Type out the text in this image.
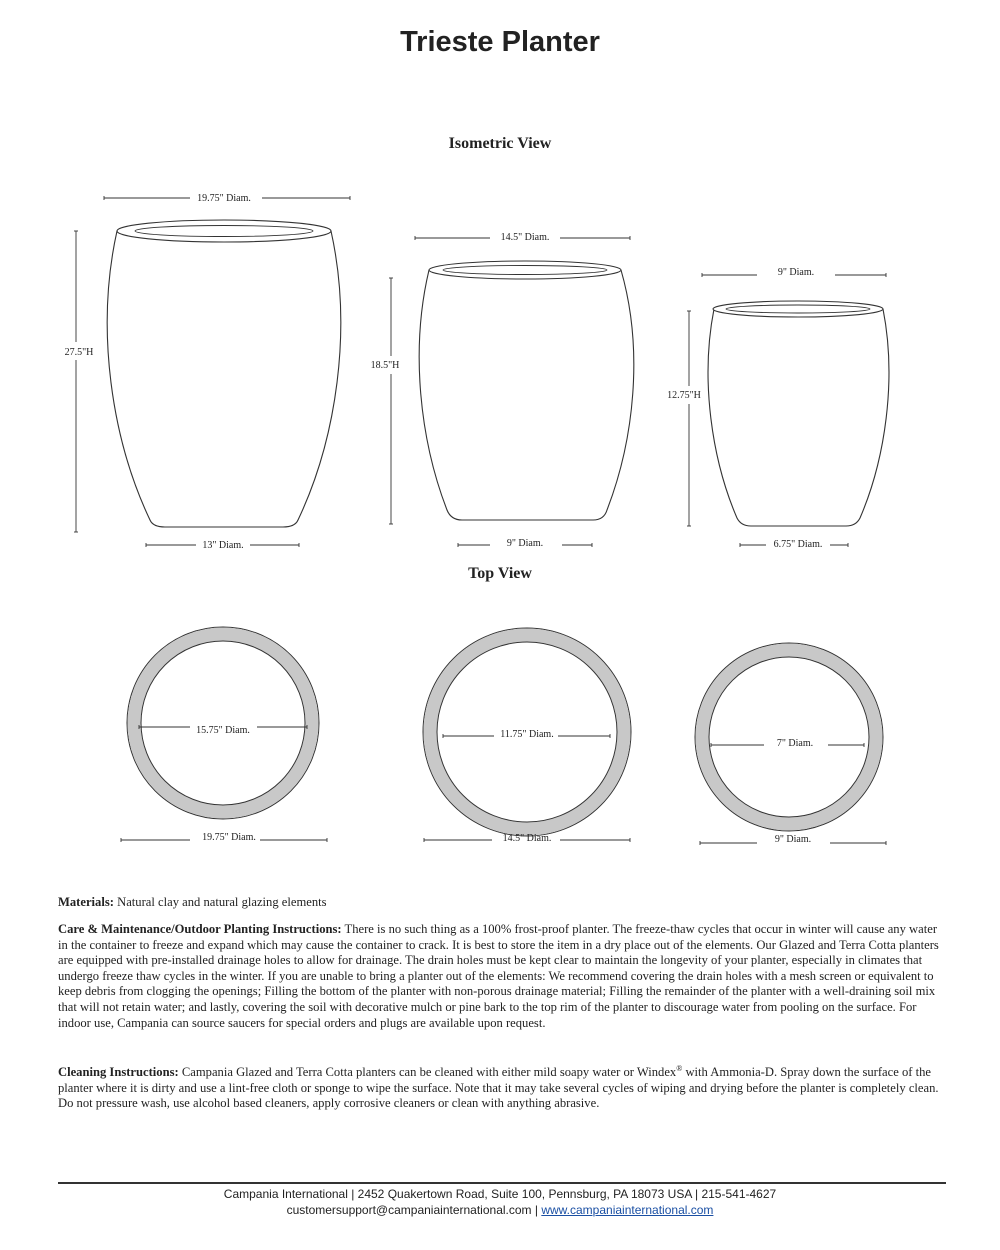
Trieste Planter
Isometric View
Top View
19.75" Diam.
27.5"H
13" Diam.
14.5" Diam.
18.5"H
9" Diam.
9" Diam.
12.75"H
6.75" Diam.
15.75" Diam.
19.75" Diam.
11.75" Diam.
14.5" Diam.
7" Diam.
9" Diam.
Materials: Natural clay and natural glazing elements
Care & Maintenance/Outdoor Planting Instructions: There is no such thing as a 100% frost-proof planter. The freeze-thaw cycles that occur in winter will cause any water in the container to freeze and expand which may cause the container to crack. It is best to store the item in a dry place out of the elements. Our Glazed and Terra Cotta planters are equipped with pre-installed drainage holes to allow for drainage. The drain holes must be kept clear to maintain the longevity of your planter, especially in climates that undergo freeze thaw cycles in the winter. If you are unable to bring a planter out of the elements: We recommend covering the drain holes with a mesh screen or equivalent to keep debris from clogging the openings; Filling the bottom of the planter with non-porous drainage material; Filling the remainder of the planter with a well-draining soil mix that will not retain water; and lastly, covering the soil with decorative mulch or pine bark to the top rim of the planter to discourage water from pooling on the surface. For indoor use, Campania can source saucers for special orders and plugs are available upon request.
Cleaning Instructions: Campania Glazed and Terra Cotta planters can be cleaned with either mild soapy water or Windex® with Ammonia-D. Spray down the surface of the planter where it is dirty and use a lint-free cloth or sponge to wipe the surface. Note that it may take several cycles of wiping and drying before the planter is completely clean. Do not pressure wash, use alcohol based cleaners, apply corrosive cleaners or clean with anything abrasive.
Campania International | 2452 Quakertown Road, Suite 100, Pennsburg, PA 18073 USA | 215-541-4627
customersupport@campaniainternational.com | www.campaniainternational.com
